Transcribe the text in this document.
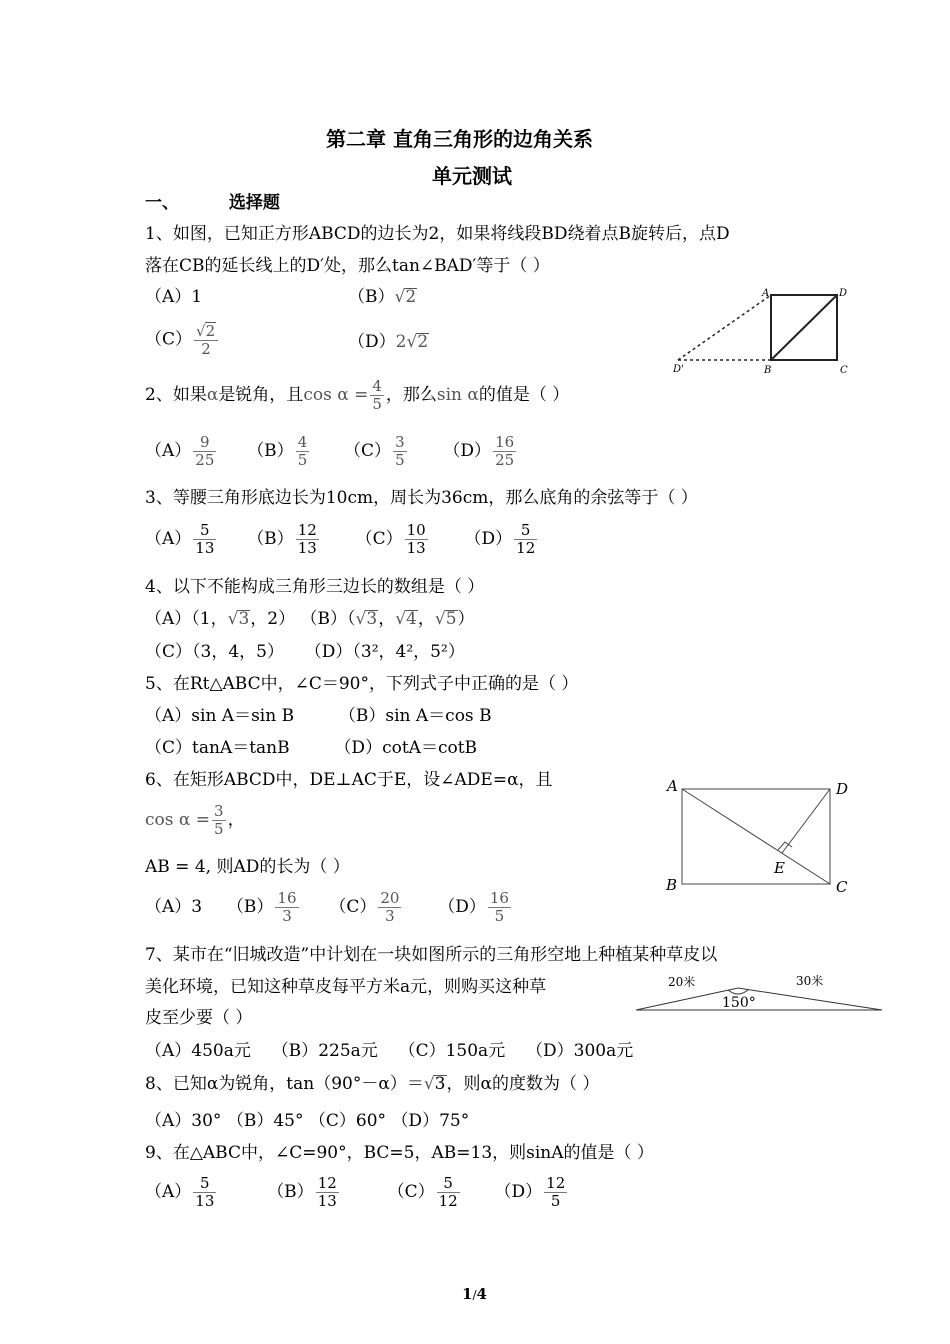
第二章 直角三角形的边角关系
单元测试
一、	选择题
1、如图，已知正方形ABCD的边长为2，如果将线段BD绕着点B旋转后，点D
落在CB的延长线上的D′处，那么tan∠BAD′等于（ ）
（A）1	（B）√2
$(C) \frac{√2}{2}$	（D）2√2
A	D
D'	B	C
2、如果α是锐角，且$\cos \alpha = \frac{4}{5}$ ，那么sin α的值是（ ）
$(A) \frac{9}{25} (B) \frac{4}{5} (C) \frac{3}{5} (D) \frac{16}{25}$
3、等腰三角形底边长为10cm，周长为36cm，那么底角的余弦等于（ ）
$(A) \frac{5}{13} (B) \frac{12}{13} (C) \frac{10}{13} (D) \frac{5}{12}$
4、以下不能构成三角形三边长的数组是（ ）
（A）（1，√3，2） （B）（√3，√4，√5）
（C）（3，4，5） （D）（3²，4²，5²）
5、在Rt△ABC中，∠C＝90°，下列式子中正确的是（ ）
（A）sin A＝sin B	（B）sin A＝cos B
（C）tanA＝tanB	（D）cotA＝cotB
6、在矩形ABCD中，DE⊥AC于E，设∠ADE=α，且
$\cos \alpha = \frac{3}{5}$ ，
AB = 4, 则AD的长为（ ）
（A）3 $(B) \frac{16}{3} (C) \frac{20}{3} (D) \frac{16}{5}$
A	D
B	C
E
7、某市在“旧城改造”中计划在一块如图所示的三角形空地上种植某种草皮以
美化环境，已知这种草皮每平方米a元，则购买这种草
皮至少要（ ）
（A）450a元 （B）225a元 （C）150a元 （D）300a元
20米	30米
150°
8、已知α为锐角，tan（90°－α）＝√3，则α的度数为（ ）
（A）30° （B）45° （C）60° （D）75°
9、在△ABC中，∠C=90°，BC=5，AB=13，则sinA的值是（ ）
$(A) \frac{5}{13}$	$(B) \frac{12}{13}$	$(C) \frac{5}{12} (D) \frac{12}{5}$
1/4
